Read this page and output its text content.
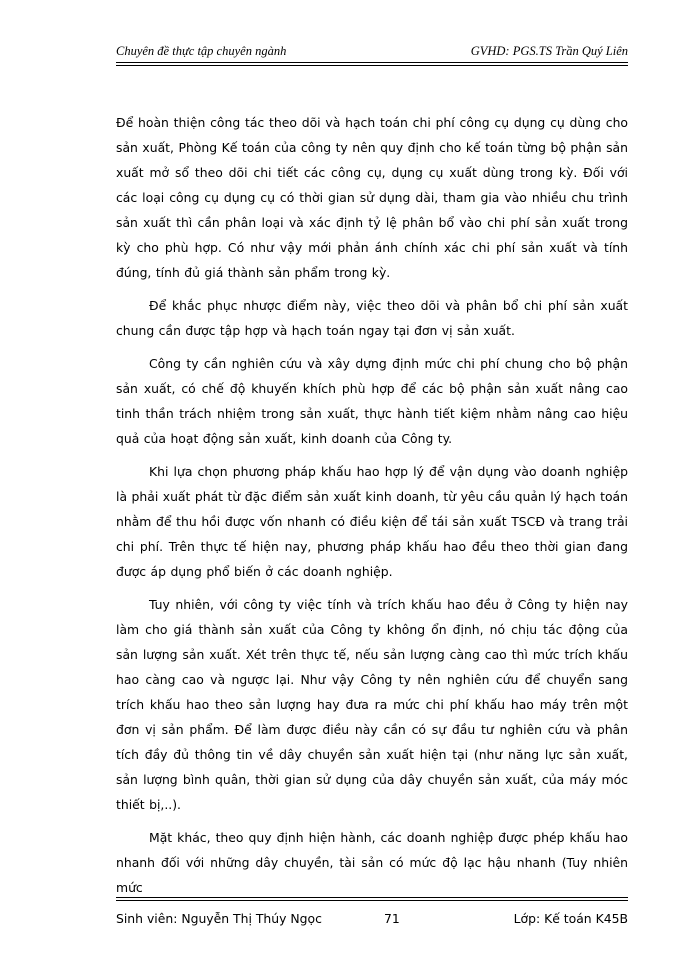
Chuyên đề thực tập chuyên ngành	GVHD: PGS.TS Trần Quý Liên

Để hoàn thiện công tác theo dõi và hạch toán chi phí công cụ dụng cụ dùng cho sản xuất, Phòng Kế toán của công ty nên quy định cho kế toán từng bộ phận sản xuất mở sổ theo dõi chi tiết các công cụ, dụng cụ xuất dùng trong kỳ. Đối với các loại công cụ dụng cụ có thời gian sử dụng dài, tham gia vào nhiều chu trình sản xuất thì cần phân loại và xác định tỷ lệ phân bổ vào chi phí sản xuất trong kỳ cho phù hợp. Có như vậy mới phản ánh chính xác chi phí sản xuất và tính đúng, tính đủ giá thành sản phẩm trong kỳ.

Để khắc phục nhược điểm này, việc theo dõi và phân bổ chi phí sản xuất chung cần được tập hợp và hạch toán ngay tại đơn vị sản xuất.

Công ty cần nghiên cứu và xây dựng định mức chi phí chung cho bộ phận sản xuất, có chế độ khuyến khích phù hợp để các bộ phận sản xuất nâng cao tinh thần trách nhiệm trong sản xuất, thực hành tiết kiệm nhằm nâng cao hiệu quả của hoạt động sản xuất, kinh doanh của Công ty.

Khi lựa chọn phương pháp khấu hao hợp lý để vận dụng vào doanh nghiệp là phải xuất phát từ đặc điểm sản xuất kinh doanh, từ yêu cầu quản lý hạch toán nhằm để thu hồi được vốn nhanh có điều kiện để tái sản xuất TSCĐ và trang trải chi phí. Trên thực tế hiện nay, phương pháp khấu hao đều theo thời gian đang được áp dụng phổ biến ở các doanh nghiệp.

Tuy nhiên, với công ty việc tính và trích khấu hao đều ở Công ty hiện nay làm cho giá thành sản xuất của Công ty không ổn định, nó chịu tác động của sản lượng sản xuất. Xét trên thực tế, nếu sản lượng càng cao thì mức trích khấu hao càng cao và ngược lại. Như vậy Công ty nên nghiên cứu để chuyển sang trích khấu hao theo sản lượng hay đưa ra mức chi phí khấu hao máy trên một đơn vị sản phẩm. Để làm được điều này cần có sự đầu tư nghiên cứu và phân tích đầy đủ thông tin về dây chuyền sản xuất hiện tại (như năng lực sản xuất, sản lượng bình quân, thời gian sử dụng của dây chuyền sản xuất, của máy móc thiết bị,..).

Mặt khác, theo quy định hiện hành, các doanh nghiệp được phép khấu hao nhanh đối với những dây chuyền, tài sản có mức độ lạc hậu nhanh (Tuy nhiên mức

Sinh viên: Nguyễn Thị Thúy Ngọc	71	Lớp: Kế toán K45B
